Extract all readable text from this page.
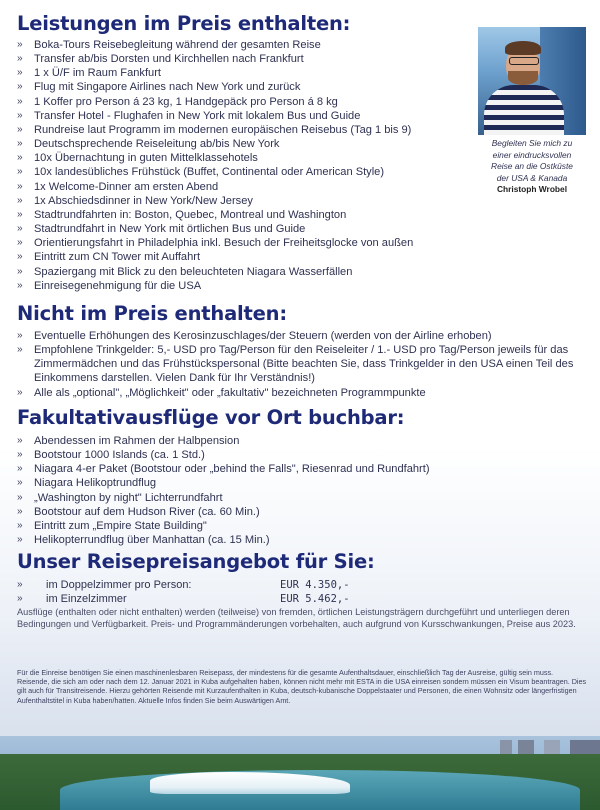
Leistungen im Preis enthalten:
» Boka-Tours Reisebegleitung während der gesamten Reise
» Transfer ab/bis Dorsten und Kirchhellen nach Frankfurt
» 1 x Ü/F im Raum Fankfurt
» Flug mit Singapore Airlines nach New York und zurück
» 1 Koffer pro Person á 23 kg, 1 Handgepäck pro Person á 8 kg
» Transfer Hotel - Flughafen in New York mit lokalem Bus und Guide
» Rundreise laut Programm im modernen europäischen Reisebus (Tag 1 bis 9)
» Deutschsprechende Reiseleitung ab/bis New York
» 10x Übernachtung in guten Mittelklassehotels
» 10x landesübliches Frühstück (Buffet, Continental oder American Style)
» 1x Welcome-Dinner am ersten Abend
» 1x Abschiedsdinner in New York/New Jersey
» Stadtrundfahrten in: Boston, Quebec, Montreal und Washington
» Stadtrundfahrt in New York mit örtlichen Bus und Guide
» Orientierungsfahrt in Philadelphia inkl. Besuch der Freiheitsglocke von außen
» Eintritt zum CN Tower mit Auffahrt
» Spaziergang mit Blick zu den beleuchteten Niagara Wasserfällen
» Einreisegenehmigung für die USA
Begleiten Sie mich zu
einer eindrucksvollen
Reise an die Ostküste
der USA & Kanada
Christoph Wrobel
Nicht im Preis enthalten:
» Eventuelle Erhöhungen des Kerosinzuschlages/der Steuern (werden von der Airline erhoben)
» Empfohlene Trinkgelder: 5,- USD pro Tag/Person für den Reiseleiter / 1.- USD pro Tag/Person jeweils für das Zimmermädchen und das Frühstückspersonal (Bitte beachten Sie, dass Trinkgelder in den USA einen Teil des Einkommens darstellen. Vielen Dank für Ihr Verständnis!)
» Alle als „optional", „Möglichkeit" oder „fakultativ" bezeichneten Programmpunkte
Fakultativausflüge vor Ort buchbar:
» Abendessen im Rahmen der Halbpension
» Bootstour 1000 Islands (ca. 1 Std.)
» Niagara 4-er Paket (Bootstour oder „behind the Falls", Riesenrad und Rundfahrt)
» Niagara Helikoptrundflug
» „Washington by night" Lichterrundfahrt
» Bootstour auf dem Hudson River (ca. 60 Min.)
» Eintritt zum „Empire State Building"
» Helikopterrundflug über Manhattan (ca. 15 Min.)
Unser Reisepreisangebot für Sie:
» im Doppelzimmer pro Person:	EUR 4.350,-
» im Einzelzimmer	EUR 5.462,-
Ausflüge (enthalten oder nicht enthalten) werden (teilweise) von fremden, örtlichen Leistungsträgern durchgeführt und unterliegen deren Bedingungen und Verfügbarkeit. Preis- und Programmänderungen vorbehalten, auch aufgrund von Kursschwankungen, Preise aus 2023.

Für die Einreise benötigen Sie einen maschinenlesbaren Reisepass, der mindestens für die gesamte Aufenthaltsdauer, einschließlich Tag der Ausreise, gültig sein muss.

Reisende, die sich am oder nach dem 12. Januar 2021 in Kuba aufgehalten haben, können nicht mehr mit ESTA in die USA einreisen sondern müssen ein Visum beantragen. Dies gilt auch für Transitreisende. Hierzu gehörten Reisende mit Kurzaufenthalten in Kuba, deutsch-kubanische Doppelstaater und Personen, die einen Wohnsitz oder längerfristigen Aufenthaltstitel in Kuba haben/hatten. Aktuelle Infos finden Sie beim Auswärtigen Amt.
